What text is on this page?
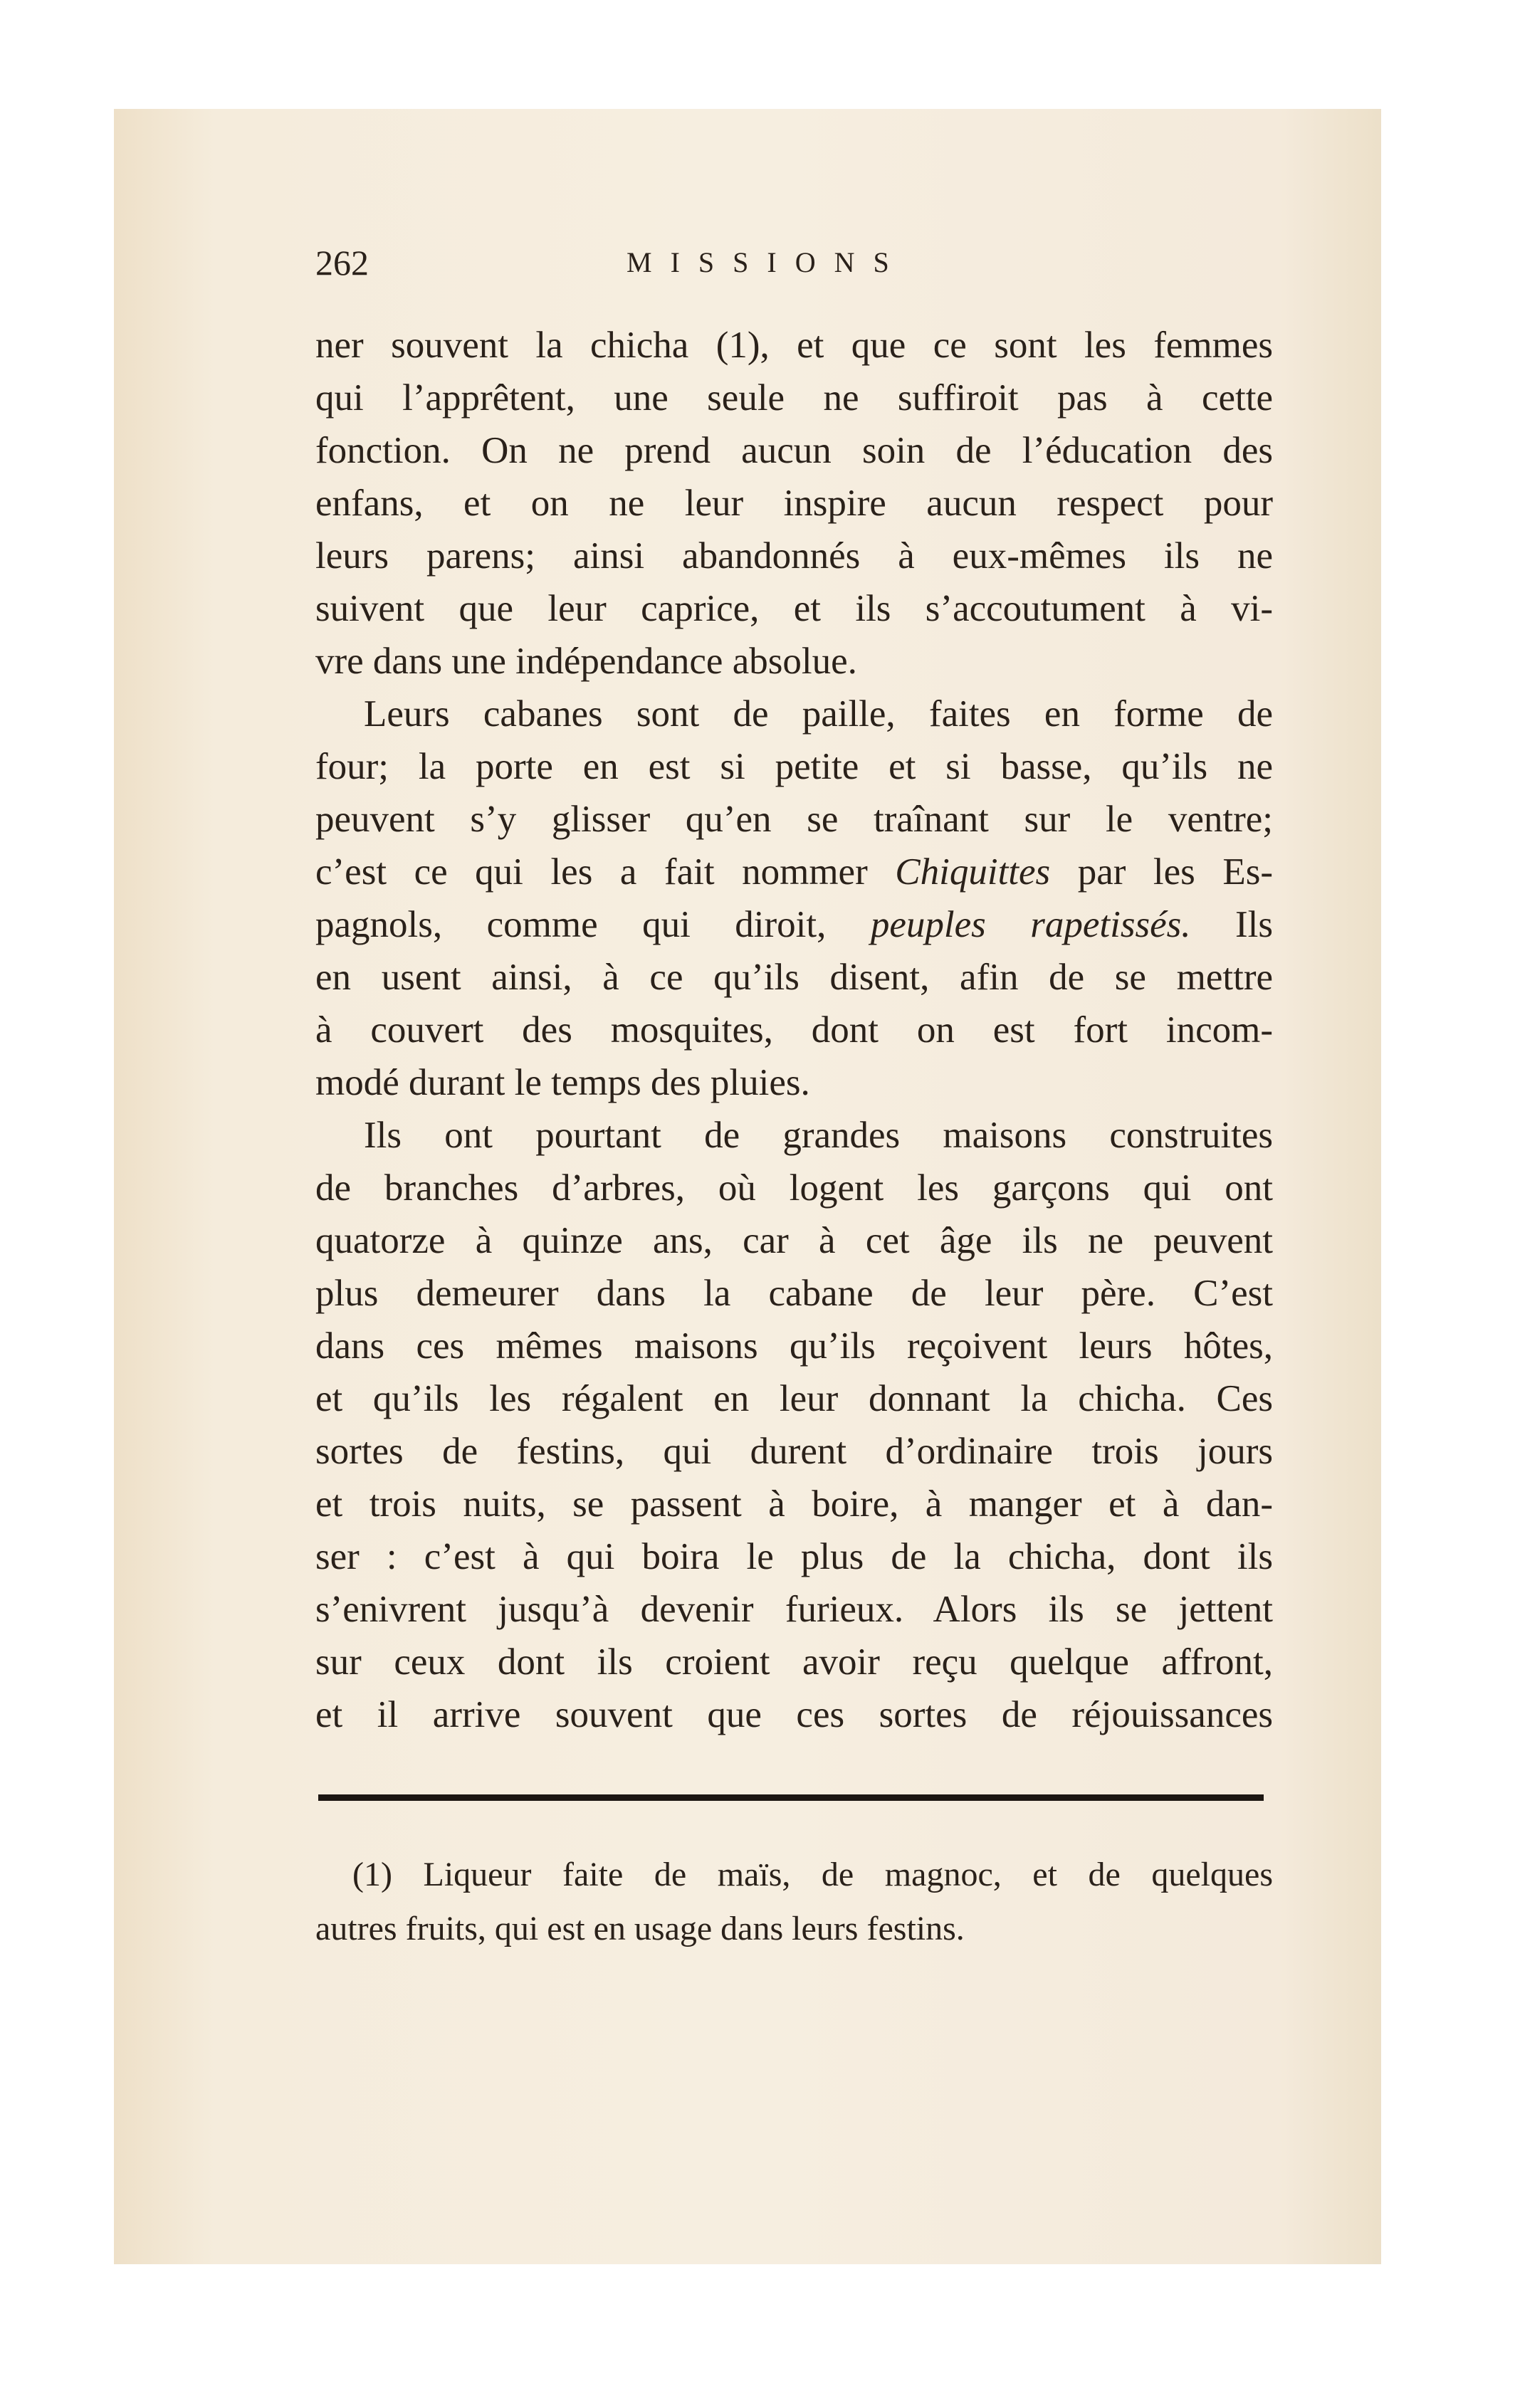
262	MISSIONS
ner souvent la chicha (1), et que ce sont les femmes
qui l’apprêtent, une seule ne suffiroit pas à cette
fonction. On ne prend aucun soin de l’éducation des
enfans, et on ne leur inspire aucun respect pour
leurs parens; ainsi abandonnés à eux-mêmes ils ne
suivent que leur caprice, et ils s’accoutument à vi-
vre dans une indépendance absolue.
Leurs cabanes sont de paille, faites en forme de
four; la porte en est si petite et si basse, qu’ils ne
peuvent s’y glisser qu’en se traînant sur le ventre;
c’est ce qui les a fait nommer Chiquittes par les Es-
pagnols, comme qui diroit, peuples rapetissés. Ils
en usent ainsi, à ce qu’ils disent, afin de se mettre
à couvert des mosquites, dont on est fort incom-
modé durant le temps des pluies.
Ils ont pourtant de grandes maisons construites
de branches d’arbres, où logent les garçons qui ont
quatorze à quinze ans, car à cet âge ils ne peuvent
plus demeurer dans la cabane de leur père. C’est
dans ces mêmes maisons qu’ils reçoivent leurs hôtes,
et qu’ils les régalent en leur donnant la chicha. Ces
sortes de festins, qui durent d’ordinaire trois jours
et trois nuits, se passent à boire, à manger et à dan-
ser : c’est à qui boira le plus de la chicha, dont ils
s’enivrent jusqu’à devenir furieux. Alors ils se jettent
sur ceux dont ils croient avoir reçu quelque affront,
et il arrive souvent que ces sortes de réjouissances
(1) Liqueur faite de maïs, de magnoc, et de quelques
autres fruits, qui est en usage dans leurs festins.
